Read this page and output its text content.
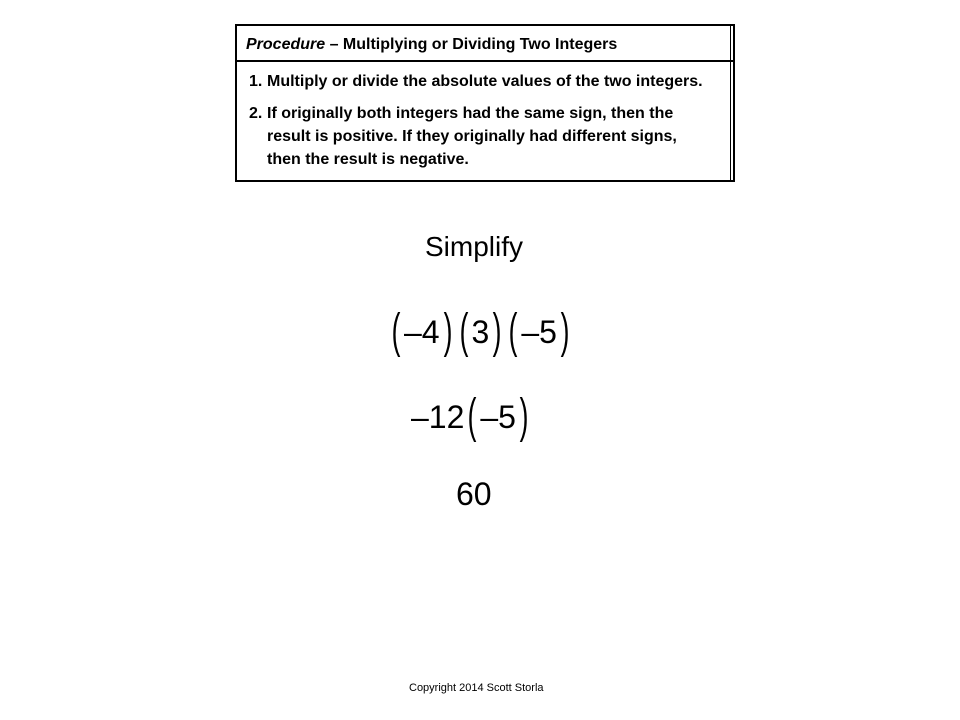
Procedure – Multiplying or Dividing Two Integers
1. Multiply or divide the absolute values of the two integers.
2. If originally both integers had the same sign, then the
result is positive. If they originally had different signs,
then the result is negative.
Simplify
( –4) ( 3) ( –5)
–12( –5)
60
Copyright 2014 Scott Storla
